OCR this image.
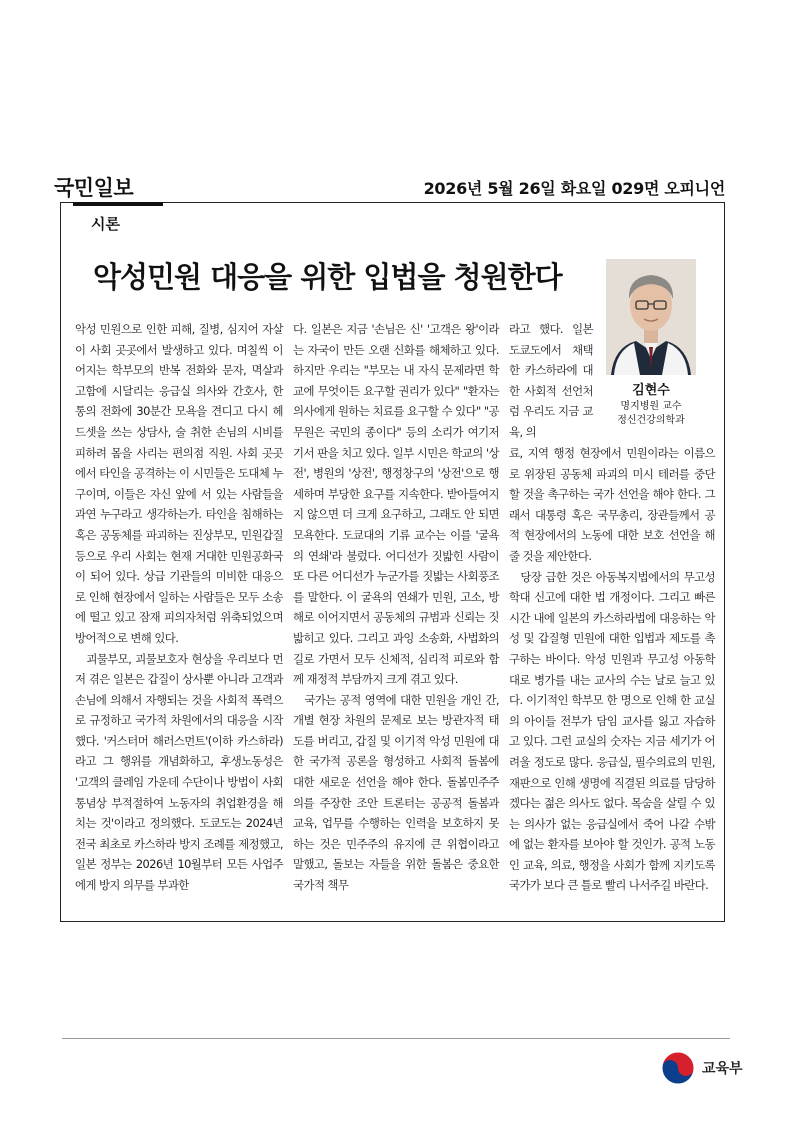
국민일보	2026년 5월 26일 화요일 029면 오피니언
시론
악성민원 대응을 위한 입법을 청원한다
김현수
명지병원 교수
정신건강의학과

악성 민원으로 인한 피해, 질병, 심지어 자살이 사회 곳곳에서 발생하고 있다. 며칠씩 이어지는 학부모의 반복 전화와 문자, 멱살과 고함에 시달리는 응급실 의사와 간호사, 한 통의 전화에 30분간 모욕을 견디고 다시 헤드셋을 쓰는 상담사, 술 취한 손님의 시비를 피하려 몸을 사리는 편의점 직원. 사회 곳곳에서 타인을 공격하는 이 시민들은 도대체 누구이며, 이들은 자신 앞에 서 있는 사람들을 과연 누구라고 생각하는가. 타인을 침해하는 혹은 공동체를 파괴하는 진상부모, 민원갑질 등으로 우리 사회는 현재 거대한 민원공화국이 되어 있다. 상급 기관들의 미비한 대응으로 인해 현장에서 일하는 사람들은 모두 소송에 떨고 있고 잠재 피의자처럼 위축되었으며 방어적으로 변해 있다.

괴물부모, 괴물보호자 현상을 우리보다 먼저 겪은 일본은 갑질이 상사뿐 아니라 고객과 손님에 의해서 자행되는 것을 사회적 폭력으로 규정하고 국가적 차원에서의 대응을 시작했다. '커스터머 해러스먼트'(이하 카스하라)라고 그 행위를 개념화하고, 후생노동성은 '고객의 클레임 가운데 수단이나 방법이 사회 통념상 부적절하여 노동자의 취업환경을 해치는 것'이라고 정의했다. 도쿄도는 2024년 전국 최초로 카스하라 방지 조례를 제정했고, 일본 정부는 2026년 10월부터 모든 사업주에게 방지 의무를 부과한

다. 일본은 지금 '손님은 신' '고객은 왕'이라는 자국이 만든 오랜 신화를 해체하고 있다. 하지만 우리는 "부모는 내 자식 문제라면 학교에 무엇이든 요구할 권리가 있다" "환자는 의사에게 원하는 치료를 요구할 수 있다" "공무원은 국민의 종이다" 등의 소리가 여기저기서 판을 치고 있다. 일부 시민은 학교의 '상전', 병원의 '상전', 행정창구의 '상전'으로 행세하며 부당한 요구를 지속한다. 받아들여지지 않으면 더 크게 요구하고, 그래도 안 되면 모욕한다. 도쿄대의 기류 교수는 이를 '굴욕의 연쇄'라 불렀다. 어디선가 짓밟힌 사람이 또 다른 어디선가 누군가를 짓밟는 사회풍조를 말한다. 이 굴욕의 연쇄가 민원, 고소, 방해로 이어지면서 공동체의 규범과 신뢰는 짓밟히고 있다. 그리고 과잉 소송화, 사법화의 길로 가면서 모두 신체적, 심리적 피로와 함께 재정적 부담까지 크게 겪고 있다.

국가는 공적 영역에 대한 민원을 개인 간, 개별 현장 차원의 문제로 보는 방관자적 태도를 버리고, 갑질 및 이기적 악성 민원에 대한 국가적 공론을 형성하고 사회적 돌봄에 대한 새로운 선언을 해야 한다. 돌봄민주주의를 주장한 조안 트론터는 공공적 돌봄과 교육, 업무를 수행하는 인력을 보호하지 못하는 것은 민주주의 유지에 큰 위협이라고 말했고, 돌보는 자들을 위한 돌봄은 중요한 국가적 책무

라고 했다. 일본 도쿄도에서 채택한 카스하라에 대한 사회적 선언처럼 우리도 지금 교육, 의

료, 지역 행정 현장에서 민원이라는 이름으로 위장된 공동체 파괴의 미시 테러를 중단할 것을 촉구하는 국가 선언을 해야 한다. 그래서 대통령 혹은 국무총리, 장관들께서 공적 현장에서의 노동에 대한 보호 선언을 해줄 것을 제안한다.

당장 급한 것은 아동복지법에서의 무고성 학대 신고에 대한 법 개정이다. 그리고 빠른 시간 내에 일본의 카스하라법에 대응하는 악성 및 갑질형 민원에 대한 입법과 제도를 촉구하는 바이다. 악성 민원과 무고성 아동학대로 병가를 내는 교사의 수는 날로 늘고 있다. 이기적인 학부모 한 명으로 인해 한 교실의 아이들 전부가 담임 교사를 잃고 자습하고 있다. 그런 교실의 숫자는 지금 세기가 어려울 정도로 많다. 응급실, 필수의료의 민원, 재판으로 인해 생명에 직결된 의료를 담당하겠다는 젊은 의사도 없다. 목숨을 살릴 수 있는 의사가 없는 응급실에서 죽어 나갈 수밖에 없는 환자를 보아야 할 것인가. 공적 노동인 교육, 의료, 행정을 사회가 함께 지키도록 국가가 보다 큰 틀로 빨리 나서주길 바란다.

교육부
